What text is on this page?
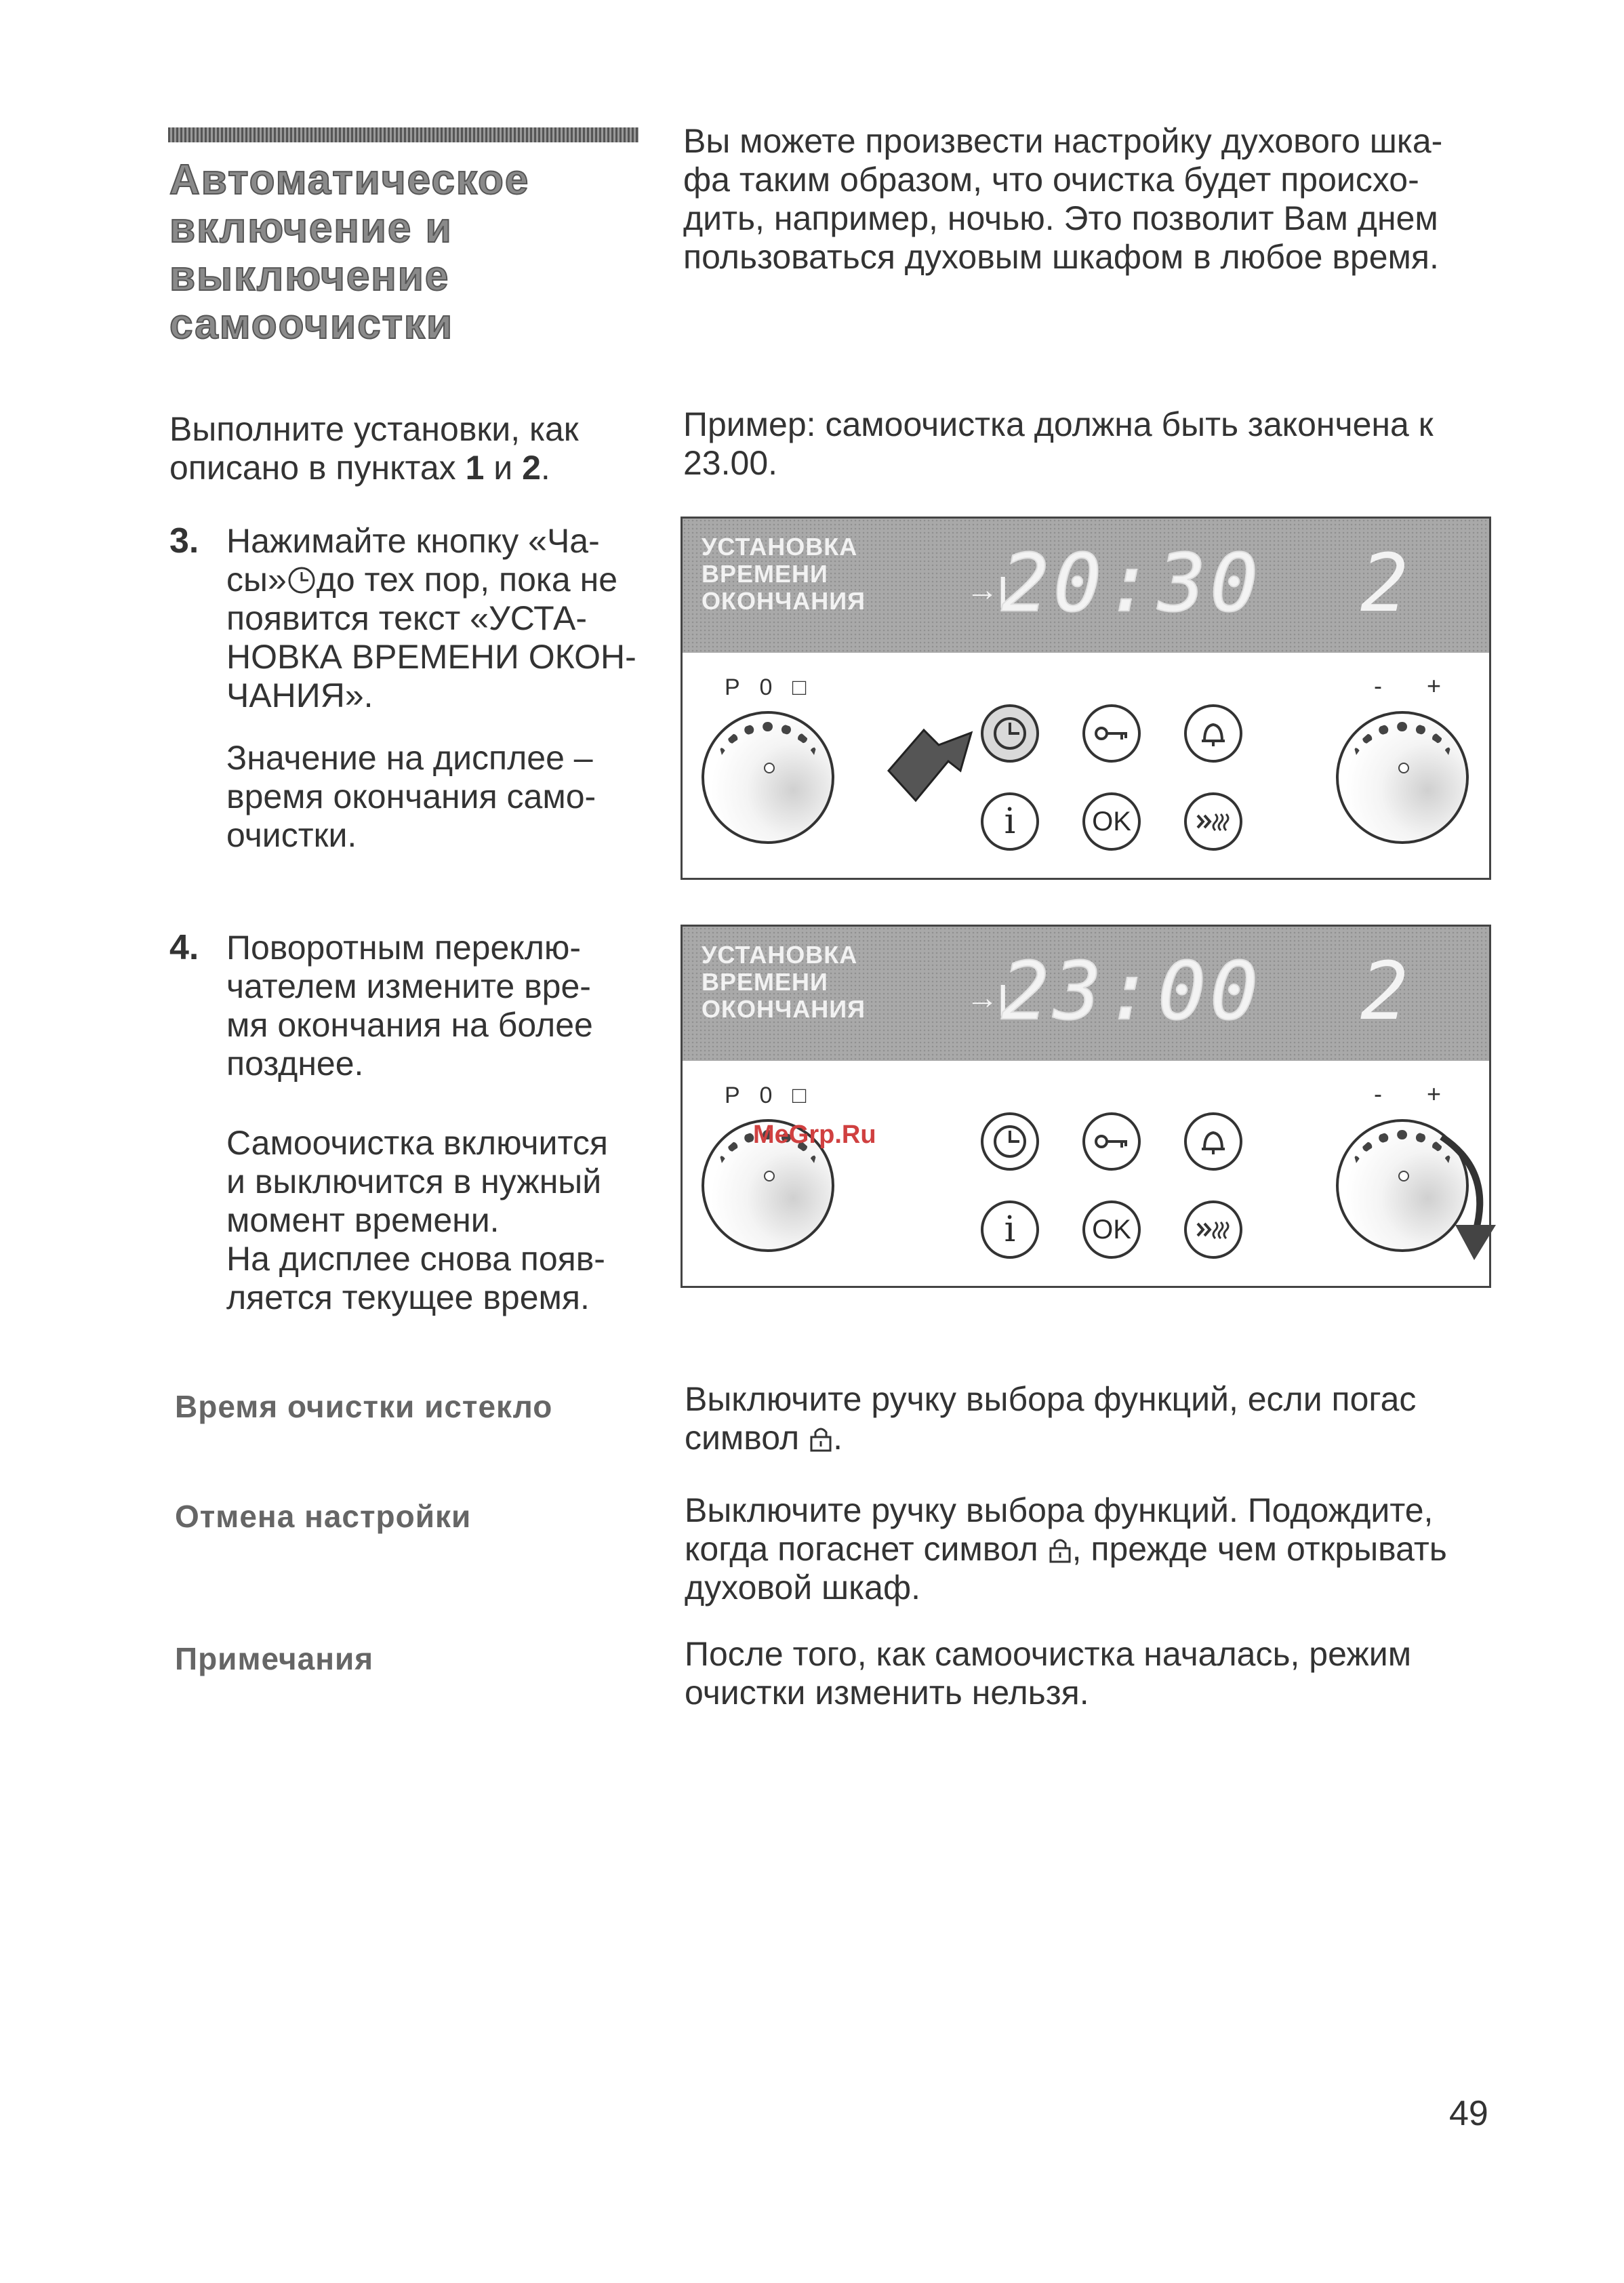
Автоматическое
включение и
выключение
самоочистки
Вы можете произвести настройку духового шка-
фа таким образом, что очистка будет происхо-
дить, например, ночью. Это позволит Вам днем
пользоваться духовым шкафом в любое время.
Выполните установки, как
описано в пунктах 1 и 2.
Пример: самоочистка должна быть закончена к
23.00.
3. Нажимайте кнопку «Ча-
сы» до тех пор, пока не
появится текст «УСТА-
НОВКА ВРЕМЕНИ ОКОН-
ЧАНИЯ».
Значение на дисплее –
время окончания само-
очистки.
4. Поворотным переклю-
чателем измените вре-
мя окончания на более
позднее.
Самоочистка включится
и выключится в нужный
момент времени.
На дисплее снова появ-
ляется текущее время.
УСТАНОВКА
ВРЕМЕНИ
ОКОНЧАНИЯ	→|
20:30 2
P 0 □	- +
i	OK
УСТАНОВКА
ВРЕМЕНИ
ОКОНЧАНИЯ	→|
23:00 2
P 0 □	- +
MeGrp.Ru
i	OK
Время очистки истекло	Выключите ручку выбора функций, если погас
символ .
Отмена настройки	Выключите ручку выбора функций. Подождите,
когда погаснет символ , прежде чем открывать
духовой шкаф.
Примечания	После того, как самоочистка началась, режим
очистки изменить нельзя.
49
